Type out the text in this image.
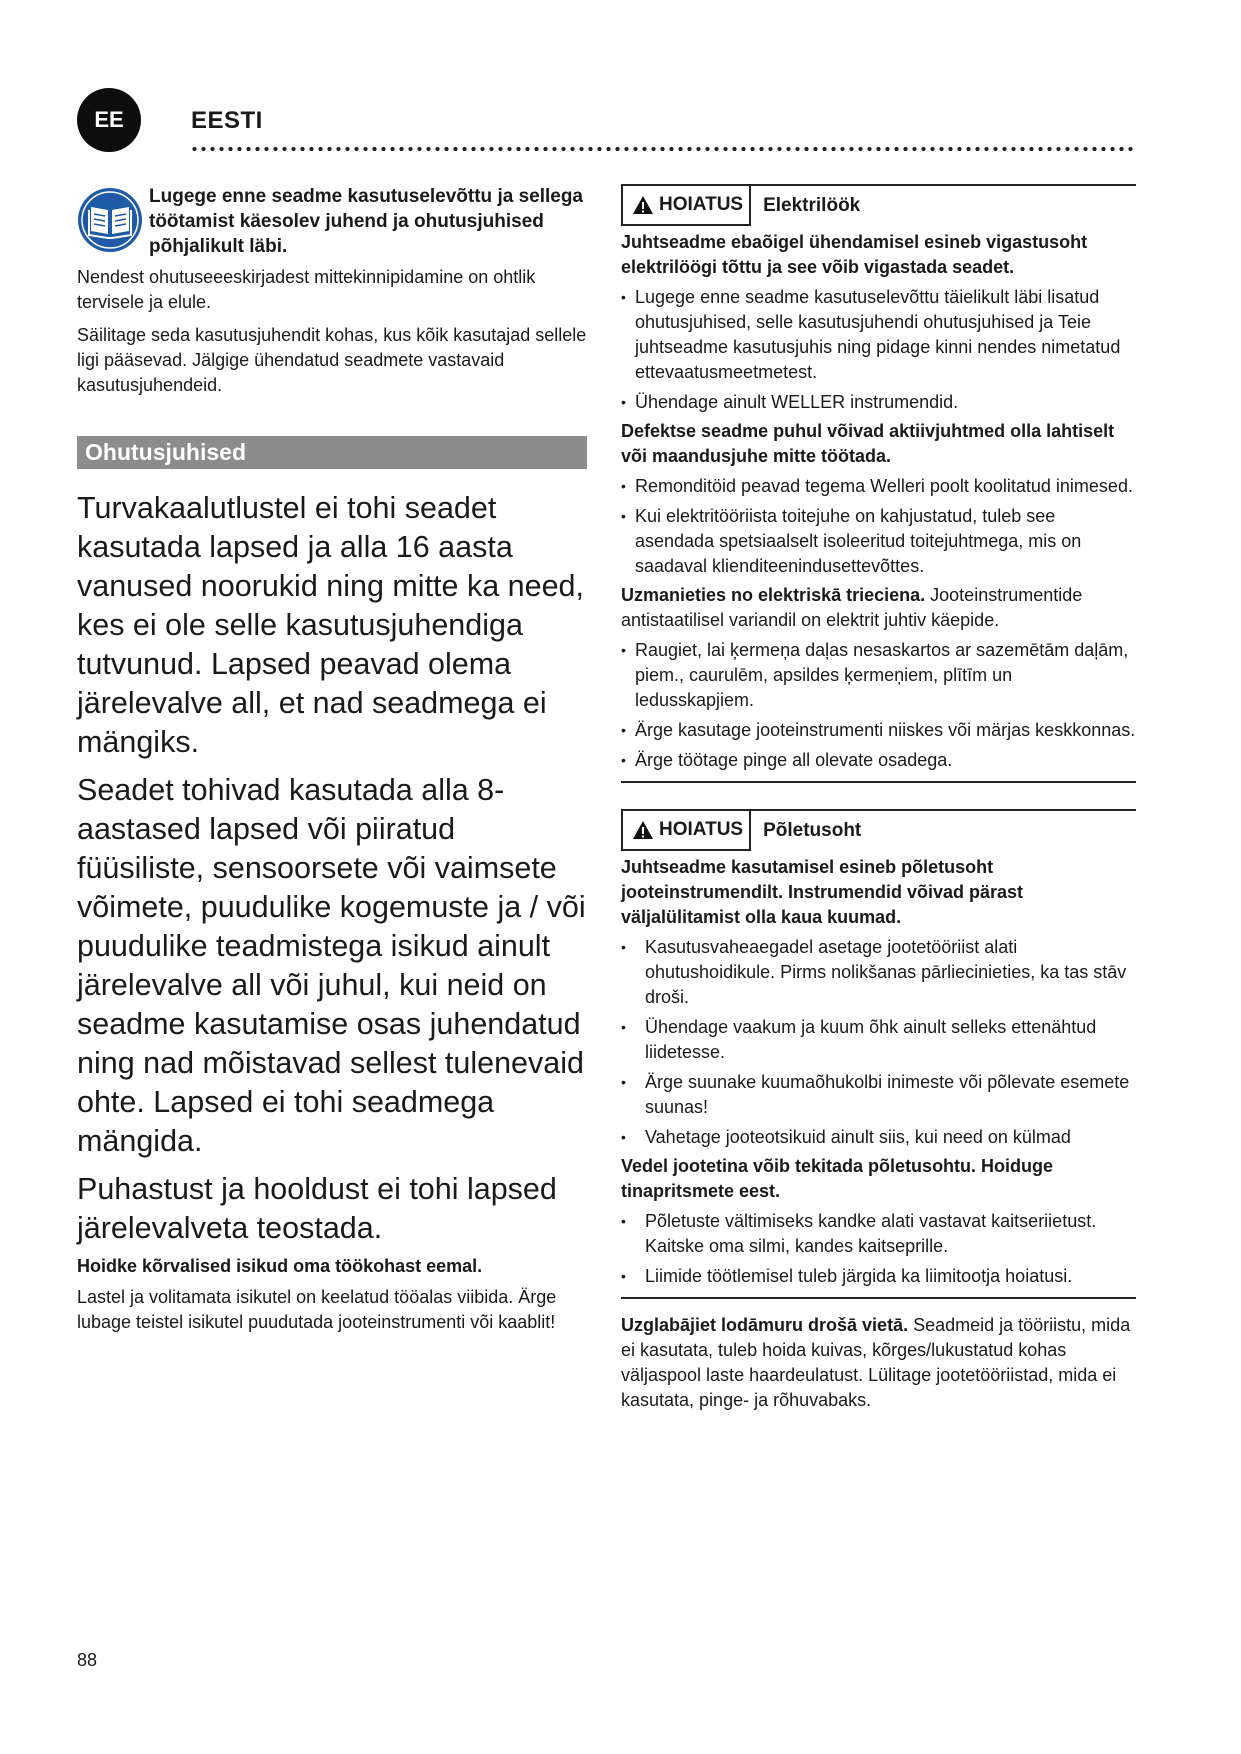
EE	EESTI
Lugege enne seadme kasutuselevõttu ja sellega töötamist käesolev juhend ja ohutusjuhised põhjalikult läbi.

Nendest ohutuseeeskirjadest mittekinnipidamine on ohtlik tervisele ja elule.

Säilitage seda kasutusjuhendit kohas, kus kõik kasutajad sellele ligi pääsevad. Jälgige ühendatud seadmete vastavaid kasutusjuhendeid.

Ohutusjuhised

Turvakaalutlustel ei tohi seadet kasutada lapsed ja alla 16 aasta vanused noorukid ning mitte ka need, kes ei ole selle kasutusjuhendiga tutvunud. Lapsed peavad olema järelevalve all, et nad seadmega ei mängiks.

Seadet tohivad kasutada alla 8-aastased lapsed või piiratud füüsiliste, sensoorsete või vaimsete võimete, puudulike kogemuste ja / või puudulike teadmistega isikud ainult järelevalve all või juhul, kui neid on seadme kasutamise osas juhendatud ning nad mõistavad sellest tulenevaid ohte. Lapsed ei tohi seadmega mängida.

Puhastust ja hooldust ei tohi lapsed järelevalveta teostada.

Hoidke kõrvalised isikud oma töökohast eemal.

Lastel ja volitamata isikutel on keelatud tööalas viibida. Ärge lubage teistel isikutel puudutada jooteinstrumenti või kaablit!

HOIATUS	Elektrilöök

Juhtseadme ebaõigel ühendamisel esineb vigastusoht elektrilöögi tõttu ja see võib vigastada seadet.

• Lugege enne seadme kasutuselevõttu täielikult läbi lisatud ohutusjuhised, selle kasutusjuhendi ohutusjuhised ja Teie juhtseadme kasutusjuhis ning pidage kinni nendes nimetatud ettevaatusmeetmetest.
• Ühendage ainult WELLER instrumendid.

Defektse seadme puhul võivad aktiivjuhtmed olla lahtiselt või maandusjuhe mitte töötada.

• Remonditöid peavad tegema Welleri poolt koolitatud inimesed.
• Kui elektritööriista toitejuhe on kahjustatud, tuleb see asendada spetsiaalselt isoleeritud toitejuhtmega, mis on saadaval klienditeenindusettevõttes.

Uzmanieties no elektriskā trieciena. Jooteinstrumentide antistaatilisel variandil on elektrit juhtiv käepide.

• Raugiet, lai ķermeņa daļas nesaskartos ar sazemētām daļām, piem., caurulēm, apsildes ķermeņiem, plītīm un ledusskapjiem.
• Ärge kasutage jooteinstrumenti niiskes või märjas keskkonnas.
• Ärge töötage pinge all olevate osadega.
HOIATUS	Põletusoht

Juhtseadme kasutamisel esineb põletusoht jooteinstrumendilt. Instrumendid võivad pärast väljalülitamist olla kaua kuumad.

• Kasutusvaheaegadel asetage jootetööriist alati ohutushoidikule. Pirms nolikšanas pārliecinieties, ka tas stāv droši.
• Ühendage vaakum ja kuum õhk ainult selleks ettenähtud liidetesse.
• Ärge suunake kuumaõhukolbi inimeste või põlevate esemete suunas!
• Vahetage jooteotsikuid ainult siis, kui need on külmad

Vedel jootetina võib tekitada põletusohtu. Hoiduge tinapritsmete eest.

• Põletuste vältimiseks kandke alati vastavat kaitseriietust. Kaitske oma silmi, kandes kaitseprille.
• Liimide töötlemisel tuleb järgida ka liimitootja hoiatusi.

Uzglabājiet lodāmuru drošā vietā. Seadmeid ja tööriistu, mida ei kasutata, tuleb hoida kuivas, kõrges/lukustatud kohas väljaspool laste haardeulatust. Lülitage jootetööriistad, mida ei kasutata, pinge- ja rõhuvabaks.

88
